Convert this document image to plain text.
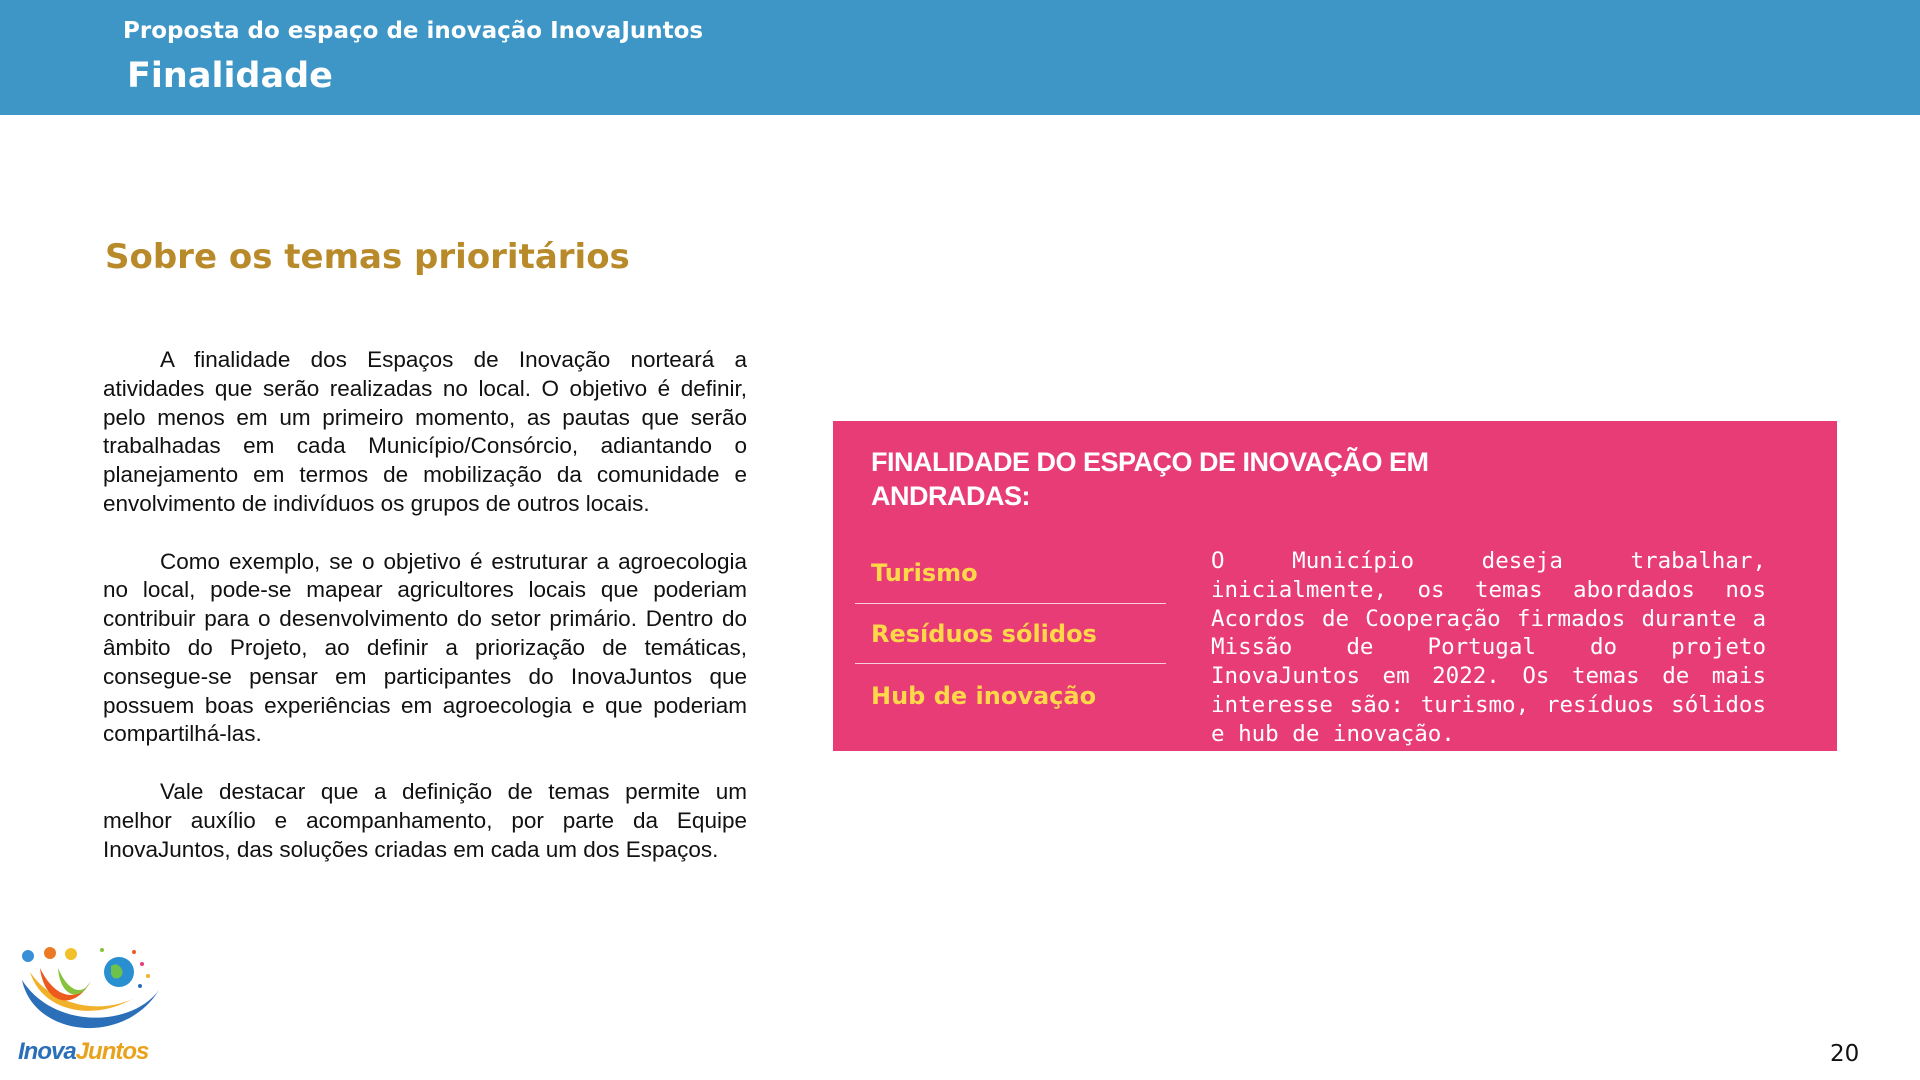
Proposta do espaço de inovação InovaJuntos
Finalidade
Sobre os temas prioritários

A finalidade dos Espaços de Inovação norteará a atividades que serão realizadas no local. O objetivo é definir, pelo menos em um primeiro momento, as pautas que serão trabalhadas em cada Município/Consórcio, adiantando o planejamento em termos de mobilização da comunidade e envolvimento de indivíduos os grupos de outros locais.

Como exemplo, se o objetivo é estruturar a agroecologia no local, pode-se mapear agricultores locais que poderiam contribuir para o desenvolvimento do setor primário. Dentro do âmbito do Projeto, ao definir a priorização de temáticas, consegue-se pensar em participantes do InovaJuntos que possuem boas experiências em agroecologia e que poderiam compartilhá-las.

Vale destacar que a definição de temas permite um melhor auxílio e acompanhamento, por parte da Equipe InovaJuntos, das soluções criadas em cada um dos Espaços.

FINALIDADE DO ESPAÇO DE INOVAÇÃO EM ANDRADAS:
Turismo
Resíduos sólidos
Hub de inovação
O Município deseja trabalhar, inicialmente, os temas abordados nos Acordos de Cooperação firmados durante a Missão de Portugal do projeto InovaJuntos em 2022. Os temas de mais interesse são: turismo, resíduos sólidos e hub de inovação.
InovaJuntos	20
